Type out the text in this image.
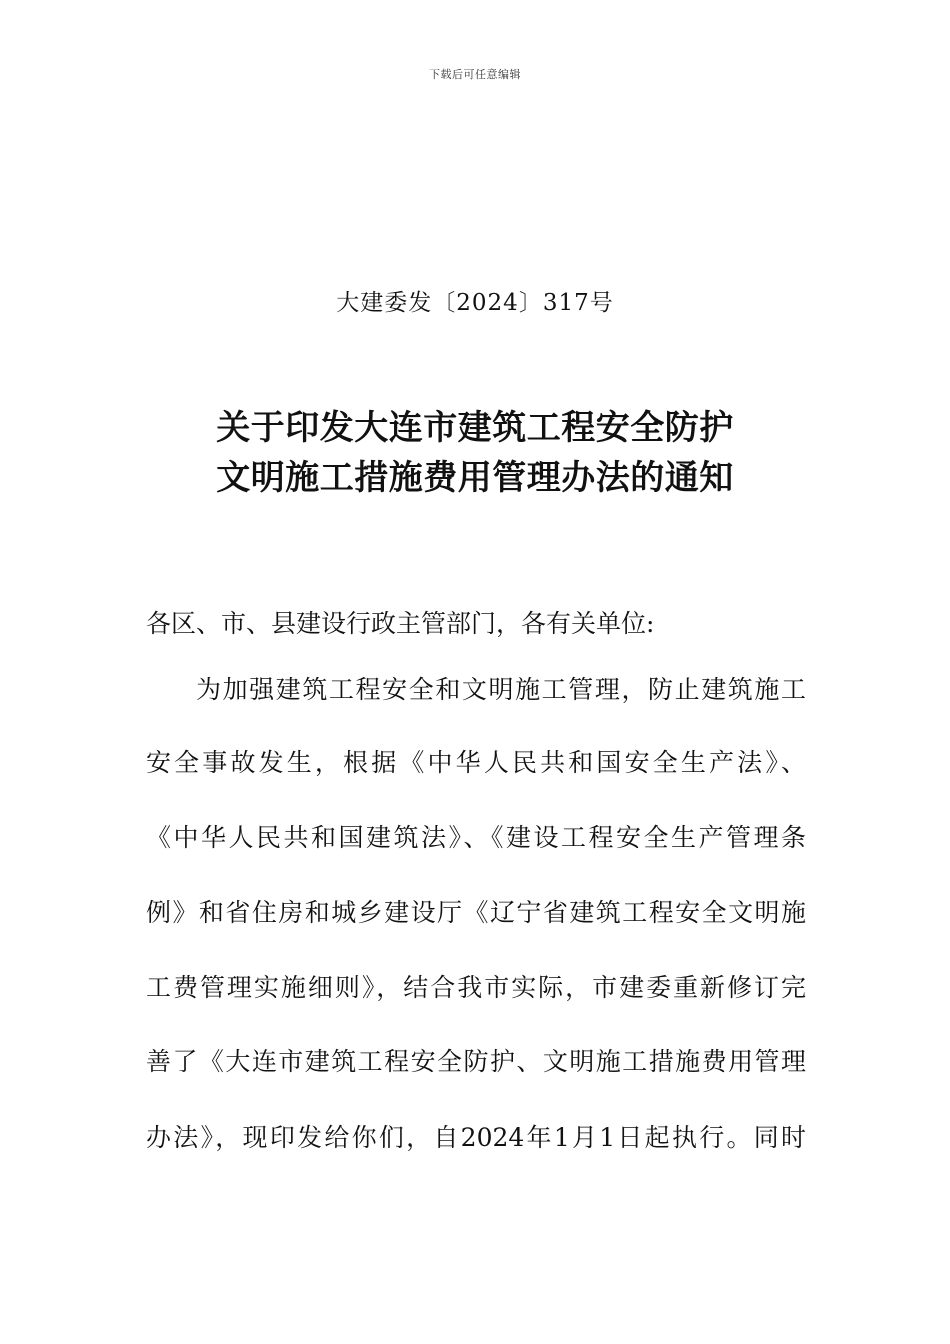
下载后可任意编辑
大建委发〔2024〕317号
关于印发大连市建筑工程安全防护
文明施工措施费用管理办法的通知
各区、市、县建设行政主管部门，各有关单位:
为加强建筑工程安全和文明施工管理，防止建筑施工
安全事故发生，根据《中华人民共和国安全生产法》、
《中华人民共和国建筑法》、《建设工程安全生产管理条
例》和省住房和城乡建设厅《辽宁省建筑工程安全文明施
工费管理实施细则》，结合我市实际，市建委重新修订完
善了《大连市建筑工程安全防护、文明施工措施费用管理
办法》，现印发给你们，自2024年1月1日起执行。同时
